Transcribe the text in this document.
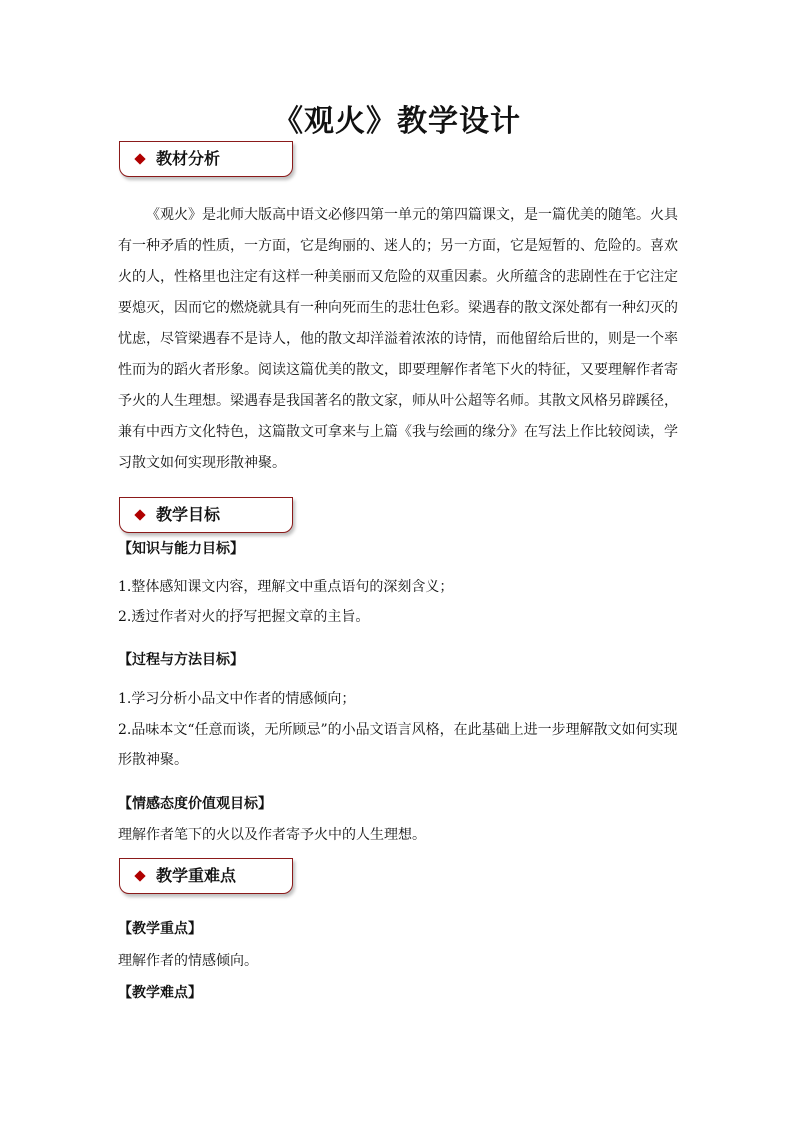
《观火》教学设计
教材分析

《观火》是北师大版高中语文必修四第一单元的第四篇课文，是一篇优美的随笔。火具有一种矛盾的性质，一方面，它是绚丽的、迷人的；另一方面，它是短暂的、危险的。喜欢火的人，性格里也注定有这样一种美丽而又危险的双重因素。火所蕴含的悲剧性在于它注定要熄灭，因而它的燃烧就具有一种向死而生的悲壮色彩。梁遇春的散文深处都有一种幻灭的忧虑，尽管梁遇春不是诗人，他的散文却洋溢着浓浓的诗情，而他留给后世的，则是一个率性而为的蹈火者形象。阅读这篇优美的散文，即要理解作者笔下火的特征，又要理解作者寄予火的人生理想。梁遇春是我国著名的散文家，师从叶公超等名师。其散文风格另辟蹊径，兼有中西方文化特色，这篇散文可拿来与上篇《我与绘画的缘分》在写法上作比较阅读，学习散文如何实现形散神聚。

教学目标

【知识与能力目标】

1.整体感知课文内容，理解文中重点语句的深刻含义；

2.透过作者对火的抒写把握文章的主旨。

【过程与方法目标】

1.学习分析小品文中作者的情感倾向；

2.品味本文“任意而谈，无所顾忌”的小品文语言风格，在此基础上进一步理解散文如何实现形散神聚。

【情感态度价值观目标】

理解作者笔下的火以及作者寄予火中的人生理想。

教学重难点

【教学重点】

理解作者的情感倾向。

【教学难点】
